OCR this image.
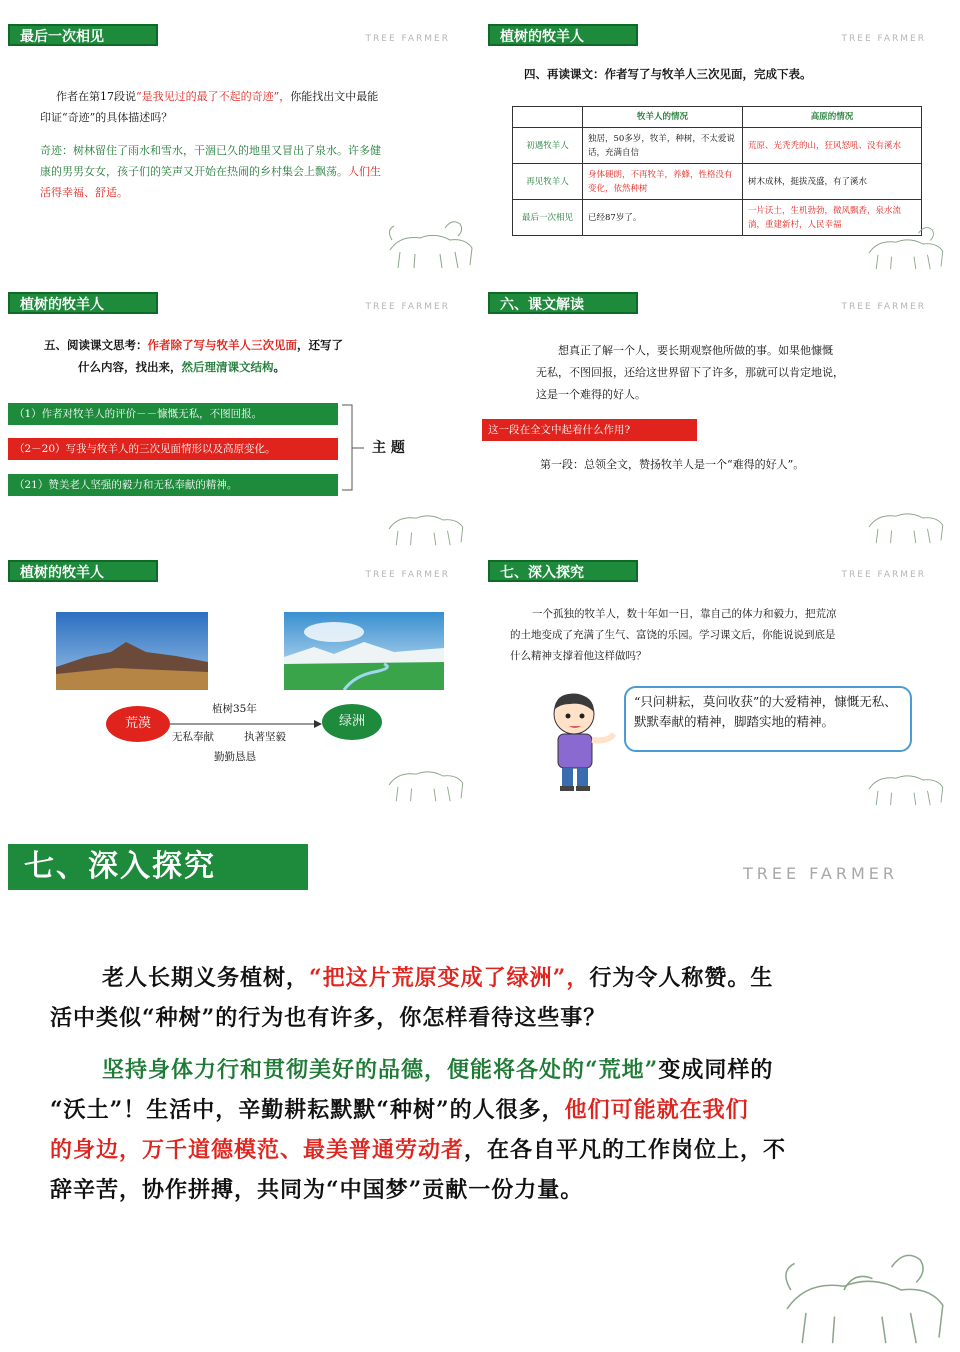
最后一次相见	TREE FARMER
作者在第17段说“是我见过的最了不起的奇迹”，你能找出文中最能
印证“奇迹”的具体描述吗？
奇迹：树林留住了雨水和雪水，干涸已久的地里又冒出了泉水。许多健
康的男男女女，孩子们的笑声又开始在热闹的乡村集会上飘荡。人们生
活得幸福、舒适。
植树的牧羊人	TREE FARMER
四、再读课文：作者写了与牧羊人三次见面，完成下表。
	牧羊人的情况	高原的情况
初遇牧羊人	独居，50多岁，牧羊，种树，不太爱说话，充满自信	荒原、光秃秃的山，狂风怒吼、没有溪水
再见牧羊人	身体硬朗，不再牧羊，养蜂，性格没有变化，依然种树	树木成林，挺拔茂盛，有了溪水
最后一次相见	已经87岁了。	一片沃土，生机勃勃，微风飘香，泉水流淌，重建新村，人民幸福
植树的牧羊人	TREE FARMER
五、阅读课文思考：作者除了写与牧羊人三次见面，还写了
什么内容，找出来，然后理清课文结构。
（1）作者对牧羊人的评价－－慷慨无私，不图回报。
（2－20）写我与牧羊人的三次见面情形以及高原变化。
（21）赞美老人坚强的毅力和无私奉献的精神。
主 题
六、课文解读	TREE FARMER
想真正了解一个人，要长期观察他所做的事。如果他慷慨
无私，不图回报，还给这世界留下了许多，那就可以肯定地说，
这是一个难得的好人。
这一段在全文中起着什么作用?
第一段：总领全文，赞扬牧羊人是一个“难得的好人”。
植树的牧羊人	TREE FARMER
荒漠	绿洲
植树35年
无私奉献	执著坚毅
勤勤恳恳
七、深入探究	TREE FARMER
一个孤独的牧羊人，数十年如一日，靠自己的体力和毅力，把荒凉
的土地变成了充满了生气、富饶的乐园。学习课文后，你能说说到底是
什么精神支撑着他这样做吗？
“只问耕耘，莫问收获”的大爱精神，慷慨无私、默默奉献的精神，脚踏实地的精神。
七、深入探究	TREE FARMER

老人长期义务植树，“把这片荒原变成了绿洲”，行为令人称赞。生
活中类似“种树”的行为也有许多，你怎样看待这些事？

坚持身体力行和贯彻美好的品德，便能将各处的“荒地”变成同样的
“沃土”！生活中，辛勤耕耘默默“种树”的人很多，他们可能就在我们
的身边，万千道德模范、最美普通劳动者，在各自平凡的工作岗位上，不
辞辛苦，协作拼搏，共同为“中国梦”贡献一份力量。
